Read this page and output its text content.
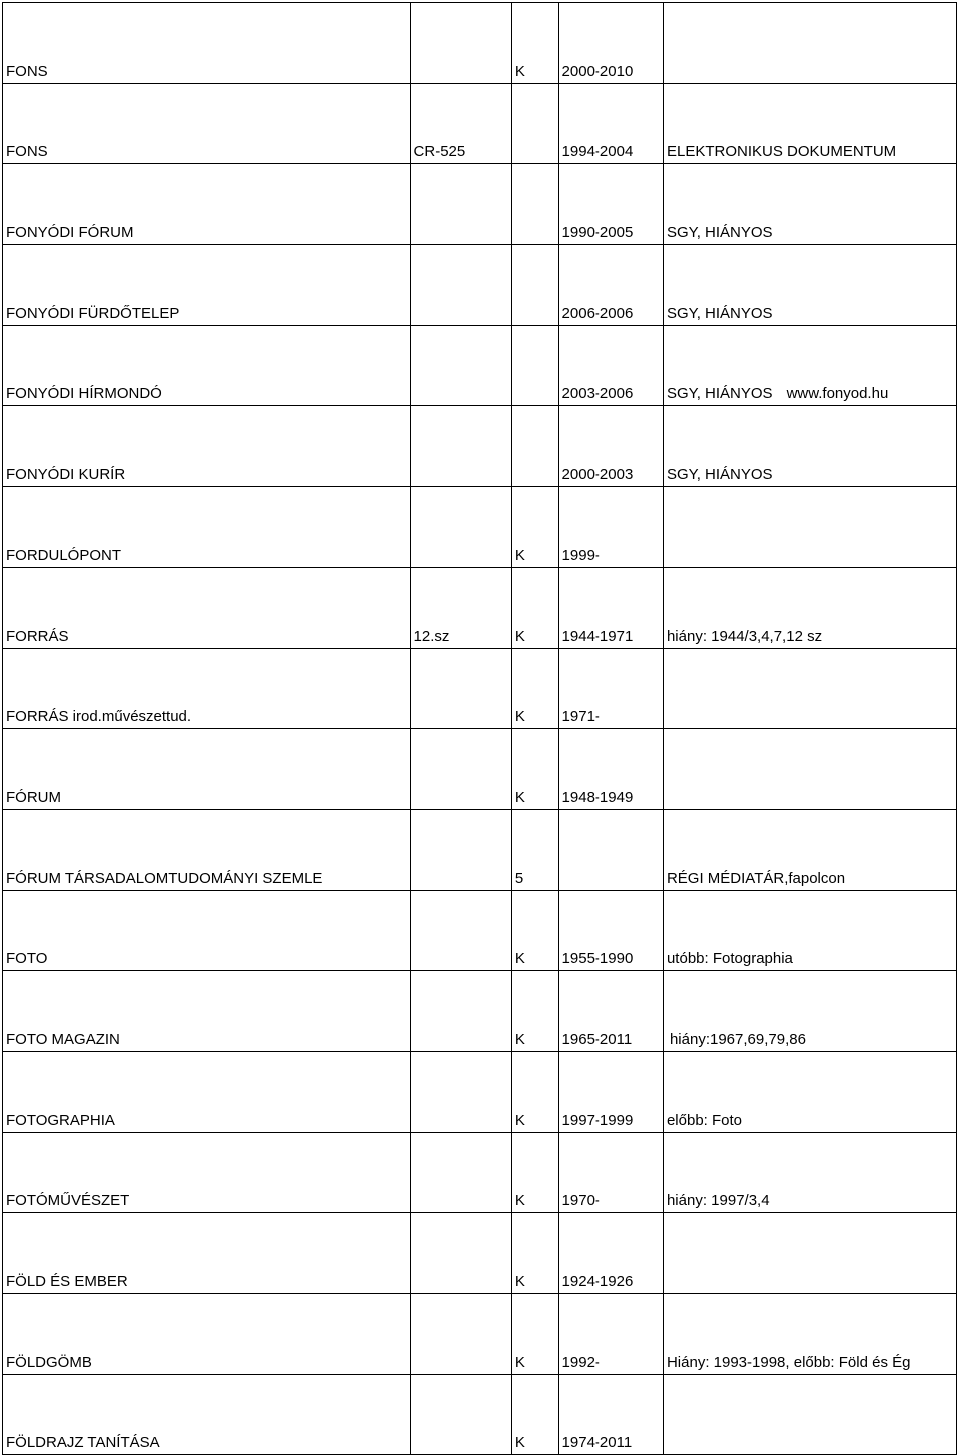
FONS		K	2000-2010	
FONS	CR-525		1994-2004	ELEKTRONIKUS DOKUMENTUM
FONYÓDI FÓRUM			1990-2005	SGY, HIÁNYOS
FONYÓDI FÜRDŐTELEP			2006-2006	SGY, HIÁNYOS
FONYÓDI HÍRMONDÓ			2003-2006	SGY, HIÁNYOS www.fonyod.hu
FONYÓDI KURÍR			2000-2003	SGY, HIÁNYOS
FORDULÓPONT		K	1999-	
FORRÁS	12.sz	K	1944-1971	hiány: 1944/3,4,7,12 sz
FORRÁS irod.művészettud.		K	1971-	
FÓRUM		K	1948-1949	
FÓRUM TÁRSADALOMTUDOMÁNYI SZEMLE		5		RÉGI MÉDIATÁR,fapolcon
FOTO		K	1955-1990	utóbb: Fotographia
FOTO MAGAZIN		K	1965-2011	hiány:1967,69,79,86
FOTOGRAPHIA		K	1997-1999	előbb: Foto
FOTÓMŰVÉSZET		K	1970-	hiány: 1997/3,4
FÖLD ÉS EMBER		K	1924-1926	
FÖLDGÖMB		K	1992-	Hiány: 1993-1998, előbb: Föld és Ég
FÖLDRAJZ TANÍTÁSA		K	1974-2011	
